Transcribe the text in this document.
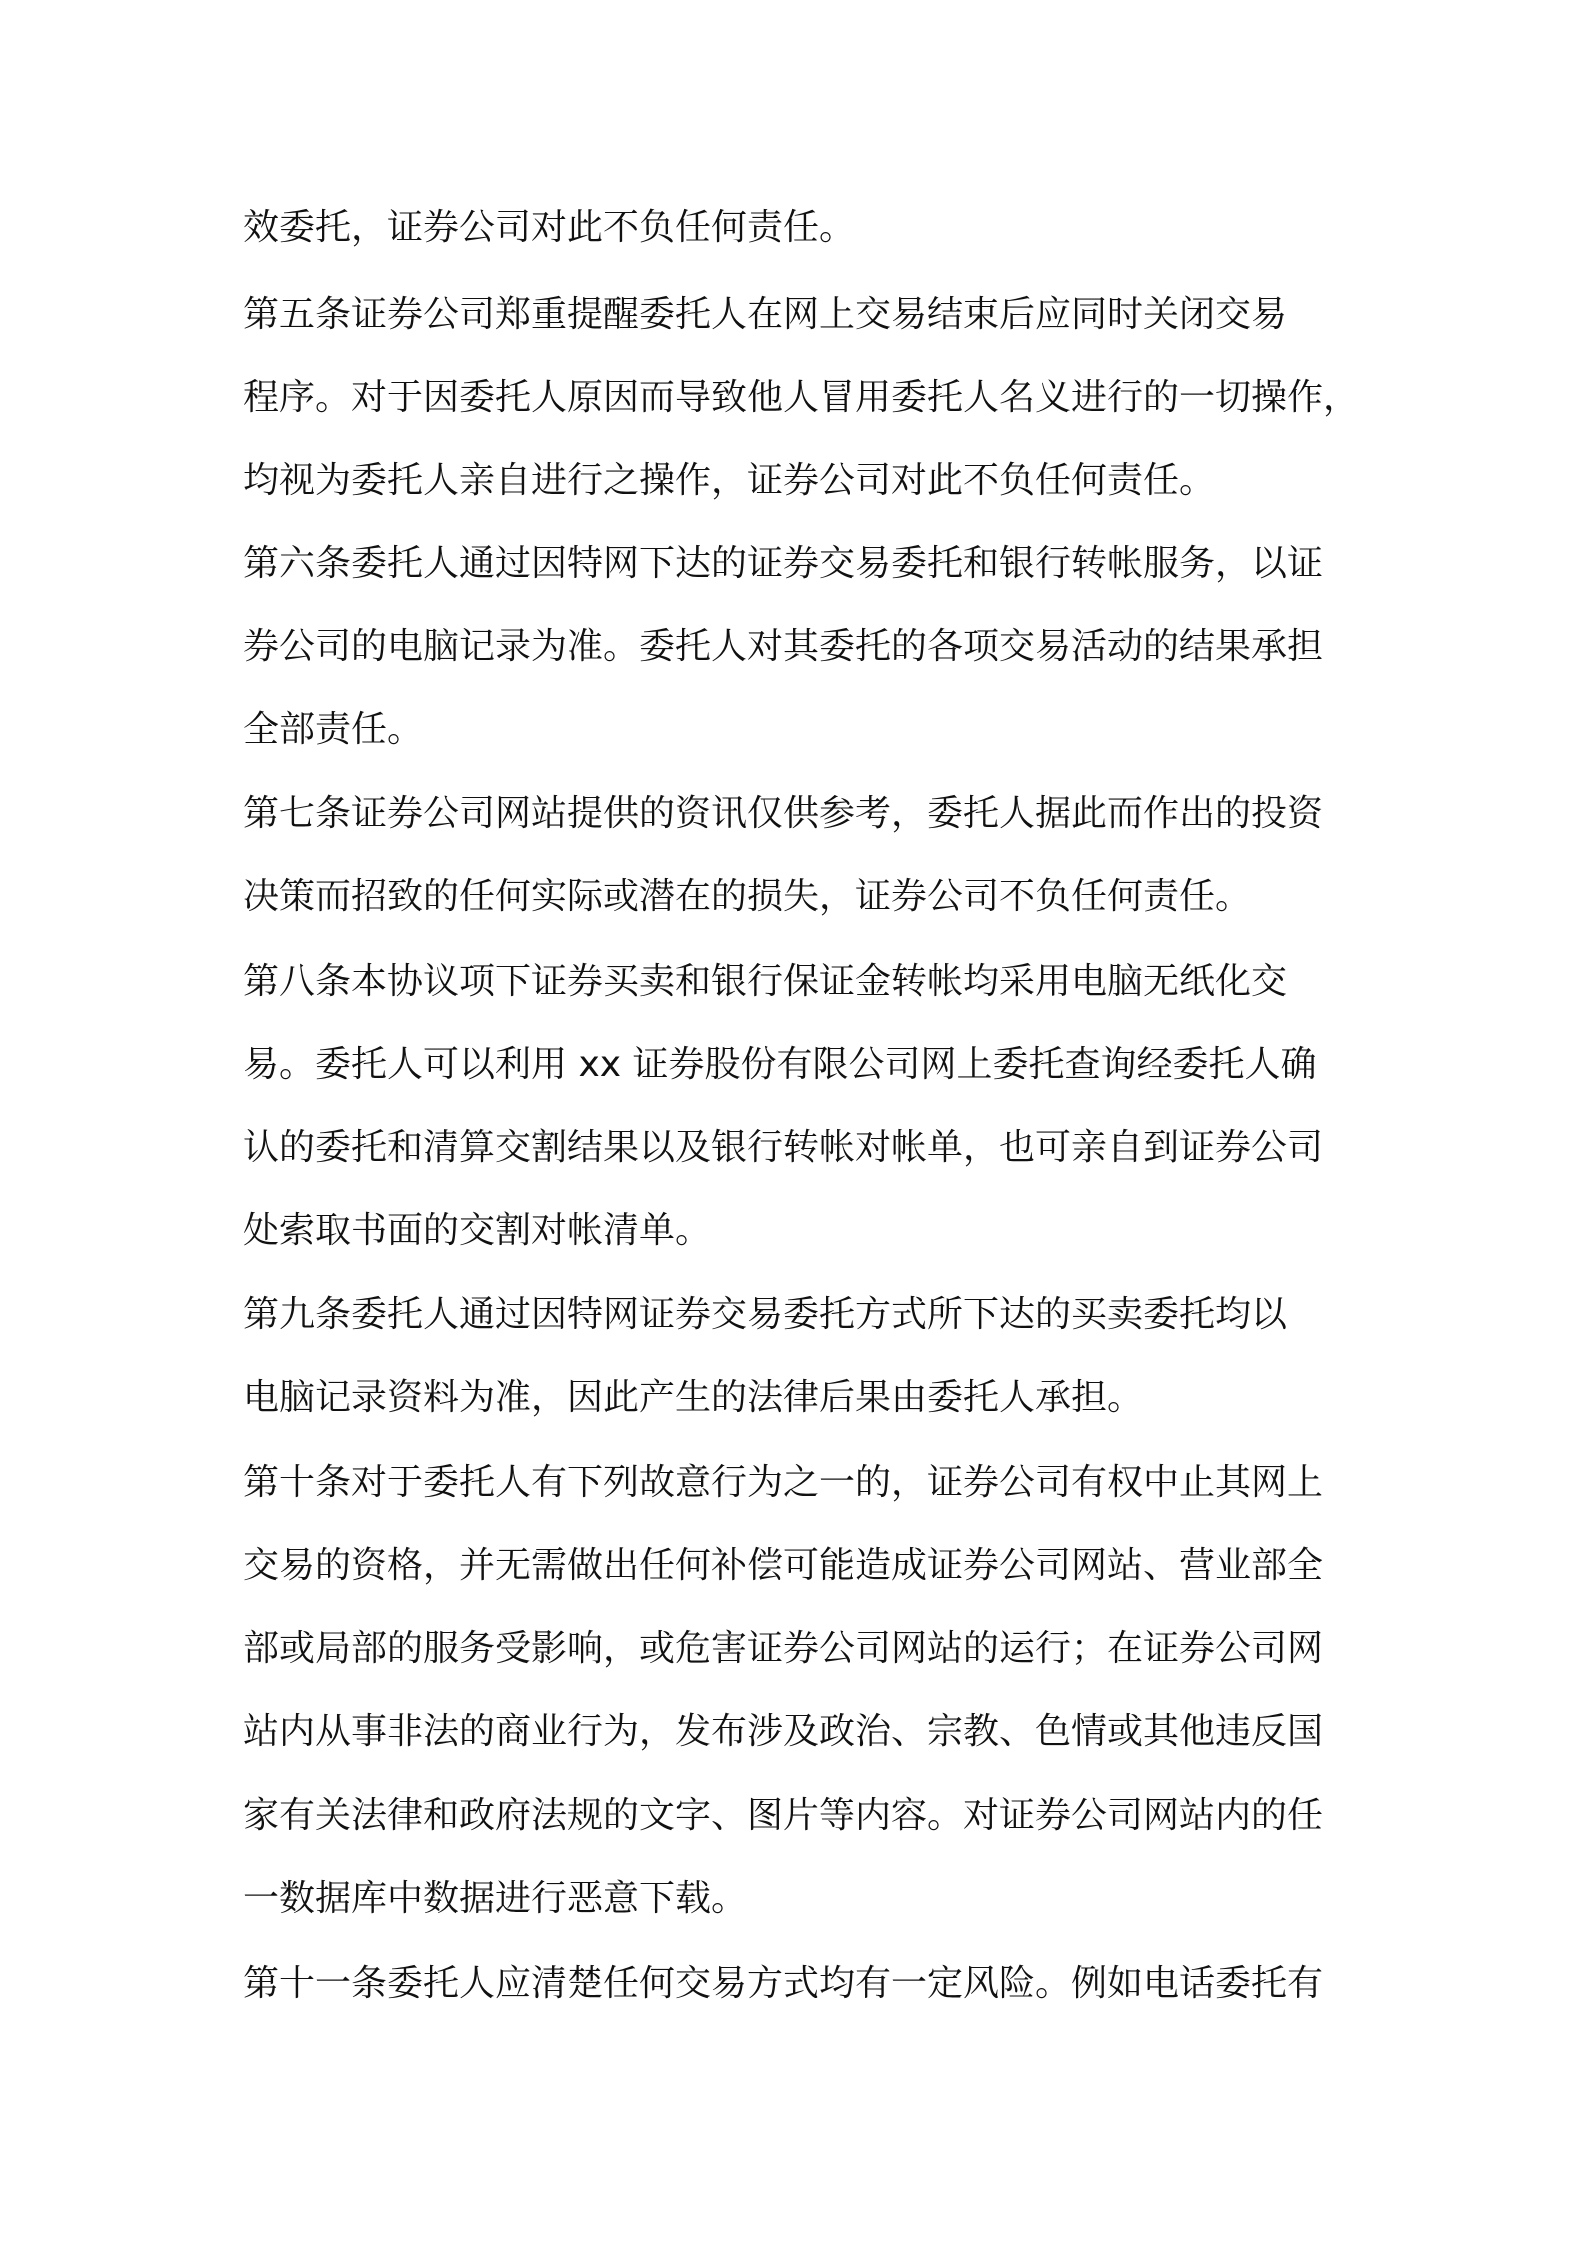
效委托，证券公司对此不负任何责任。
第五条证券公司郑重提醒委托人在网上交易结束后应同时关闭交易
程序。对于因委托人原因而导致他人冒用委托人名义进行的一切操作，
均视为委托人亲自进行之操作，证券公司对此不负任何责任。
第六条委托人通过因特网下达的证券交易委托和银行转帐服务，以证
券公司的电脑记录为准。委托人对其委托的各项交易活动的结果承担
全部责任。
第七条证券公司网站提供的资讯仅供参考，委托人据此而作出的投资
决策而招致的任何实际或潜在的损失，证券公司不负任何责任。
第八条本协议项下证券买卖和银行保证金转帐均采用电脑无纸化交
易。委托人可以利用 xx 证券股份有限公司网上委托查询经委托人确
认的委托和清算交割结果以及银行转帐对帐单，也可亲自到证券公司
处索取书面的交割对帐清单。
第九条委托人通过因特网证券交易委托方式所下达的买卖委托均以
电脑记录资料为准，因此产生的法律后果由委托人承担。
第十条对于委托人有下列故意行为之一的，证券公司有权中止其网上
交易的资格，并无需做出任何补偿可能造成证券公司网站、营业部全
部或局部的服务受影响，或危害证券公司网站的运行；在证券公司网
站内从事非法的商业行为，发布涉及政治、宗教、色情或其他违反国
家有关法律和政府法规的文字、图片等内容。对证券公司网站内的任
一数据库中数据进行恶意下载。
第十一条委托人应清楚任何交易方式均有一定风险。例如电话委托有
